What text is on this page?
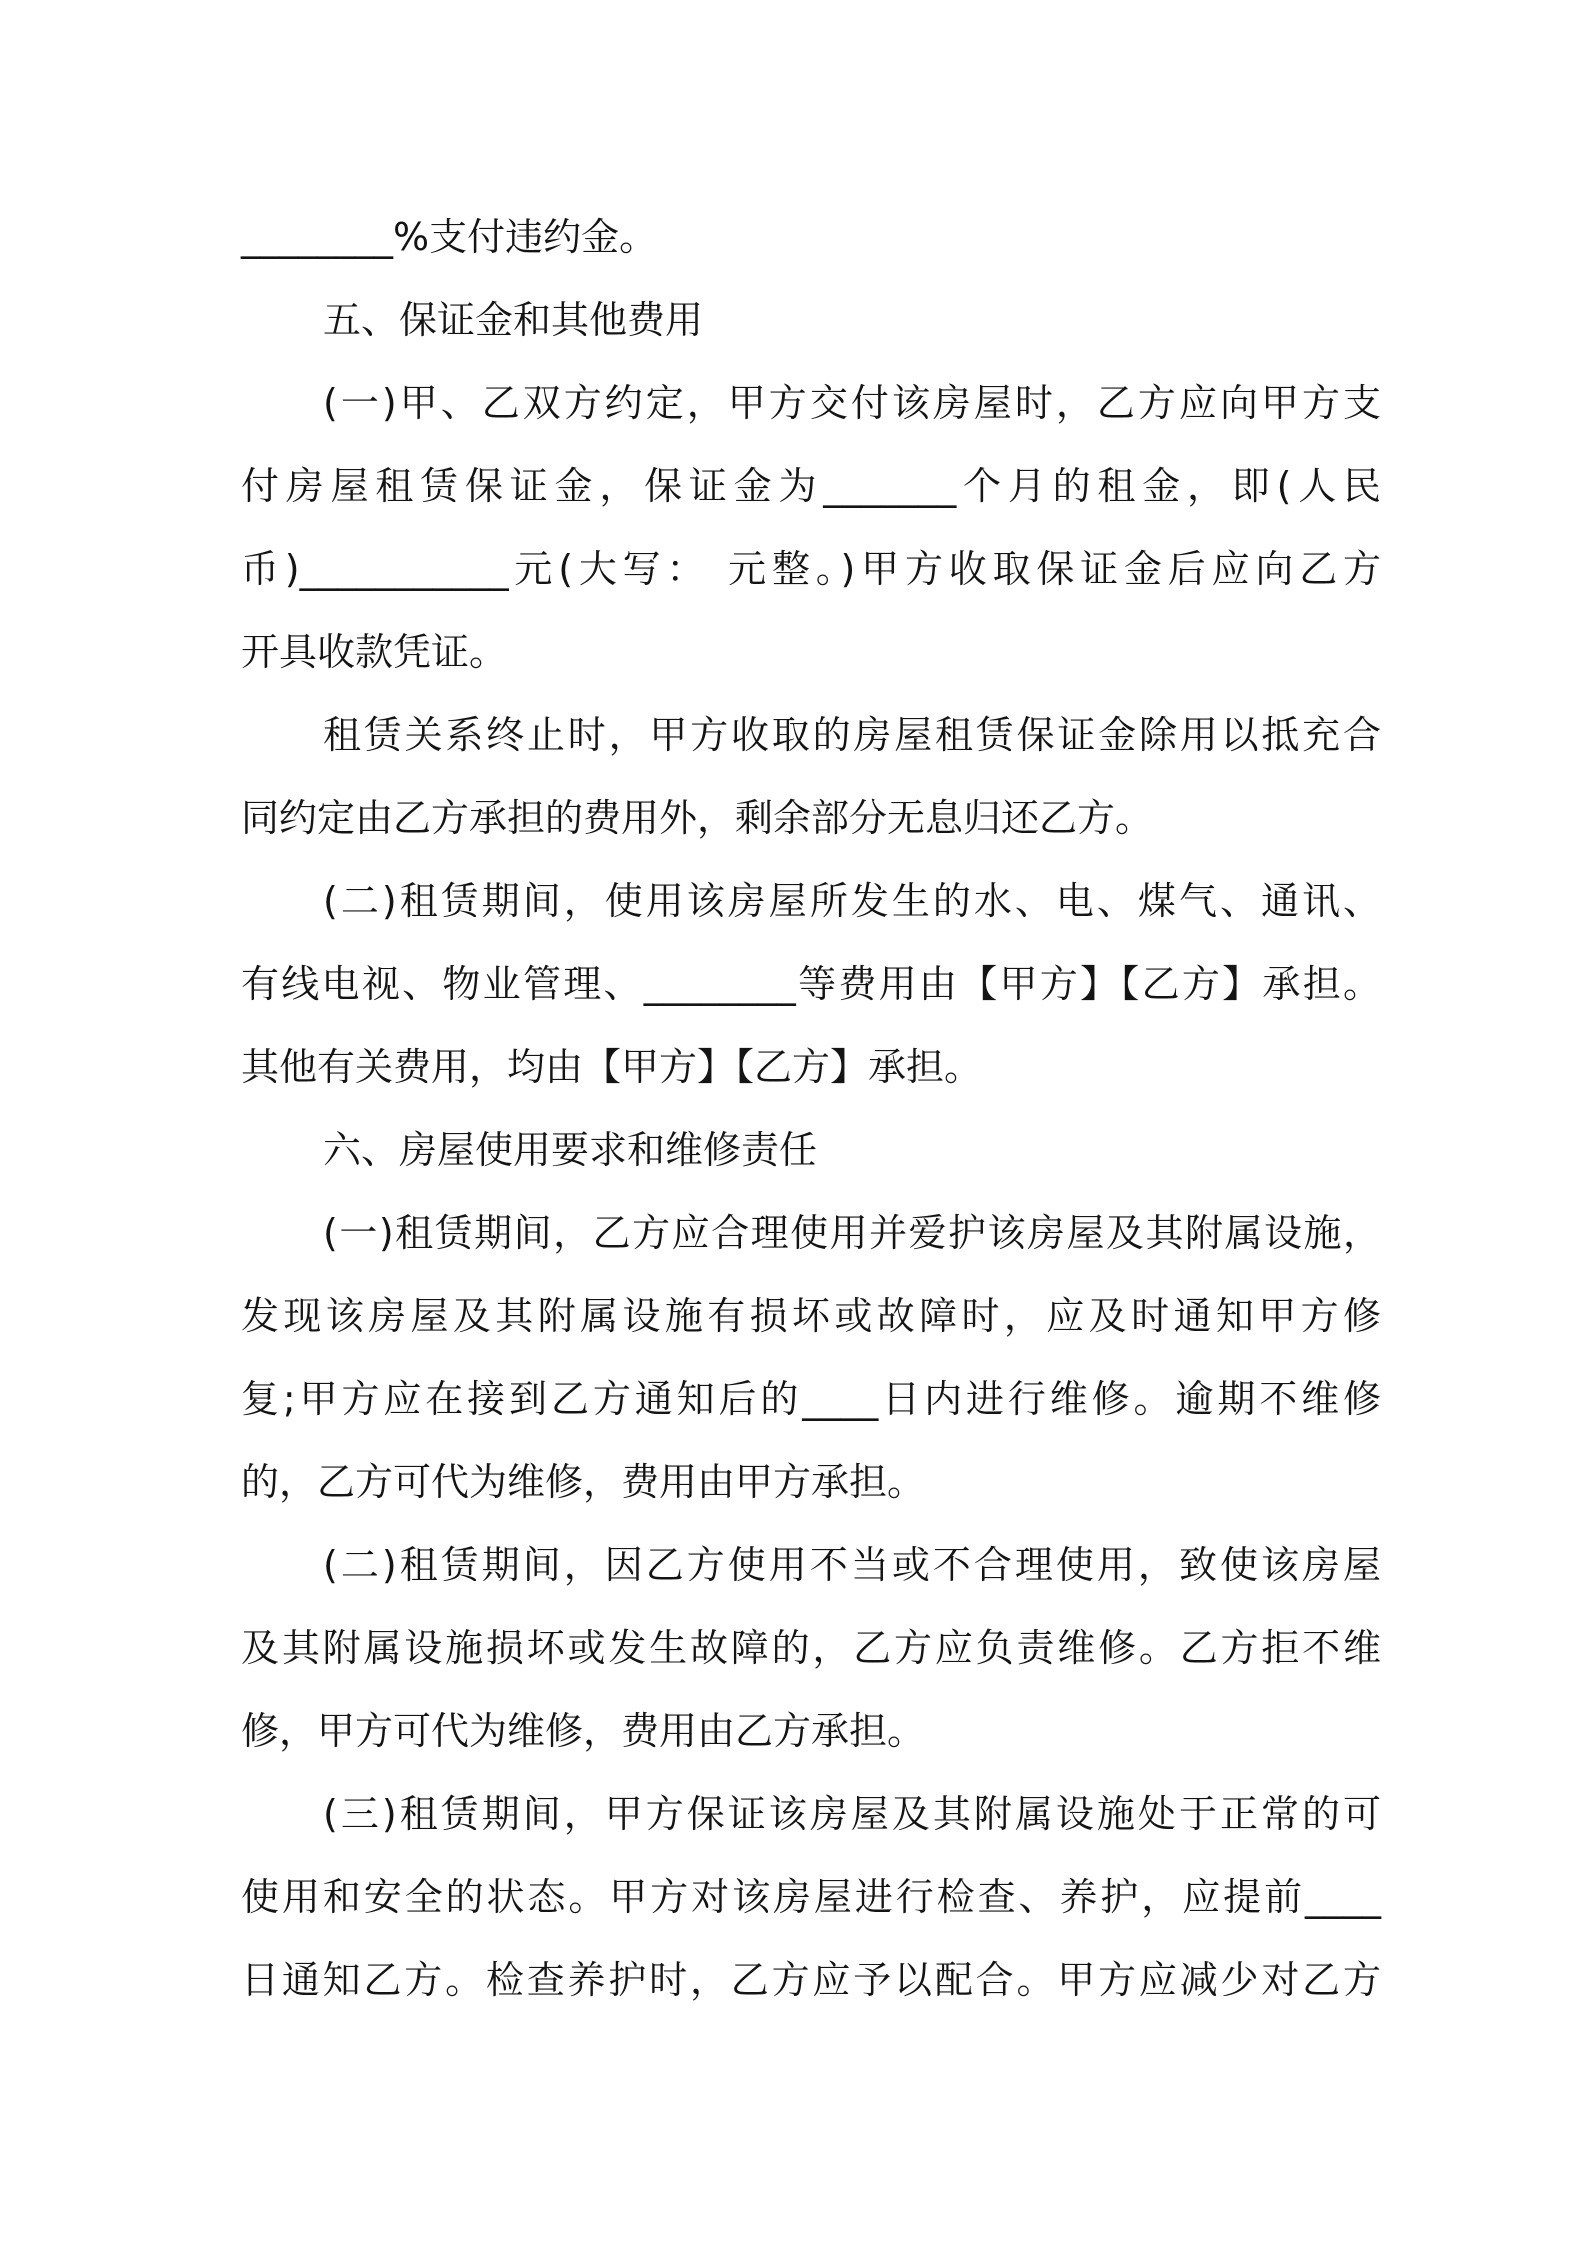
________%支付违约金。
五、保证金和其他费用
(一)甲、乙双方约定，甲方交付该房屋时，乙方应向甲方支
付房屋租赁保证金，保证金为_______个月的租金，即(人民
币)___________元(大写： 元整。)甲方收取保证金后应向乙方
开具收款凭证。
租赁关系终止时，甲方收取的房屋租赁保证金除用以抵充合
同约定由乙方承担的费用外，剩余部分无息归还乙方。
(二)租赁期间，使用该房屋所发生的水、电、煤气、通讯、
有线电视、物业管理、________等费用由【甲方】【乙方】承担。
其他有关费用，均由【甲方】【乙方】承担。
六、房屋使用要求和维修责任
(一)租赁期间，乙方应合理使用并爱护该房屋及其附属设施，
发现该房屋及其附属设施有损坏或故障时，应及时通知甲方修
复;甲方应在接到乙方通知后的____日内进行维修。逾期不维修
的，乙方可代为维修，费用由甲方承担。
(二)租赁期间，因乙方使用不当或不合理使用，致使该房屋
及其附属设施损坏或发生故障的，乙方应负责维修。乙方拒不维
修，甲方可代为维修，费用由乙方承担。
(三)租赁期间，甲方保证该房屋及其附属设施处于正常的可
使用和安全的状态。甲方对该房屋进行检查、养护，应提前____
日通知乙方。检查养护时，乙方应予以配合。甲方应减少对乙方
